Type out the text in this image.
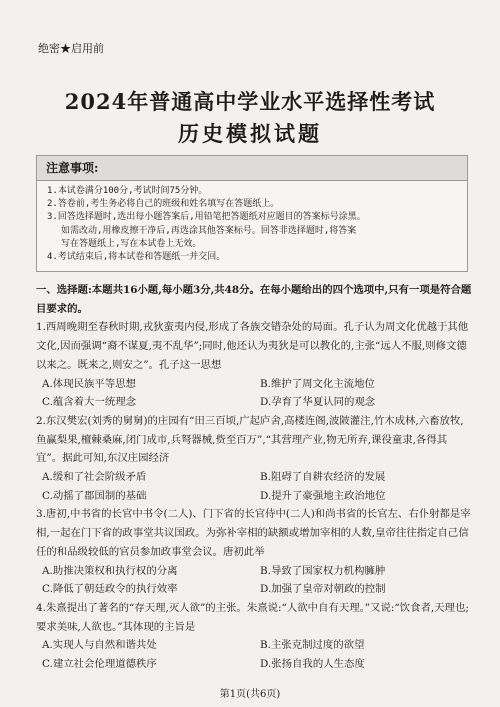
绝密★启用前
2024年普通高中学业水平选择性考试
历史模拟试题
注意事项:
1.本试卷满分100分,考试时间75分钟。
2.答卷前,考生务必将自己的班级和姓名填写在答题纸上。
3.回答选择题时,选出每小题答案后,用铅笔把答题纸对应题目的答案标号涂黑。
如需改动,用橡皮擦干净后,再选涂其他答案标号。回答非选择题时,将答案
写在答题纸上,写在本试卷上无效。
4.考试结束后,将本试卷和答题纸一并交回。

一、选择题:本题共16小题,每小题3分,共48分。在每小题给出的四个选项中,只有一项是符合题目要求的。

1.西周晚期至春秋时期,戎狄蛮夷内侵,形成了各族交错杂处的局面。孔子认为周文化优越于其他文化,因而强调“裔不谋夏,夷不乱华”;同时,他还认为夷狄是可以教化的,主张“远人不服,则修文德以来之。既来之,则安之”。孔子这一思想

A.体现民族平等思想	B.维护了周文化主流地位
C.蕴含着大一统理念	D.孕育了华夏认同的观念

2.东汉樊宏(刘秀的舅舅)的庄园有“田三百顷,广起庐舍,高楼连阁,波陂灌注,竹木成林,六畜放牧,鱼赢梨果,檀棘桑麻,闭门成市,兵弩器械,赀至百万”,“其营理产业,物无所弃,课役童隶,各得其宜”。据此可知,东汉庄园经济

A.缓和了社会阶级矛盾	B.阻碍了自耕农经济的发展
C.动摇了郡国制的基础	D.提升了豪强地主政治地位

3.唐初,中书省的长官中书令(二人)、门下省的长官侍中(二人)和尚书省的长官左、右仆射都是宰相,一起在门下省的政事堂共议国政。为弥补宰相的缺额或增加宰相的人数,皇帝往往指定自己信任的和品级较低的官员参加政事堂会议。唐初此举

A.助推决策权和执行权的分离	B.导致了国家权力机构臃肿
C.降低了朝廷政令的执行效率	D.加强了皇帝对朝政的控制

4.朱熹提出了著名的“存天理,灭人欲”的主张。朱熹说:“人欲中自有天理。”又说:“饮食者,天理也;要求美味,人欲也。”其体现的主旨是

A.实现人与自然和谐共处	B.主张克制过度的欲望
C.建立社会伦理道德秩序	D.张扬自我的人生态度
第1页(共6页)
